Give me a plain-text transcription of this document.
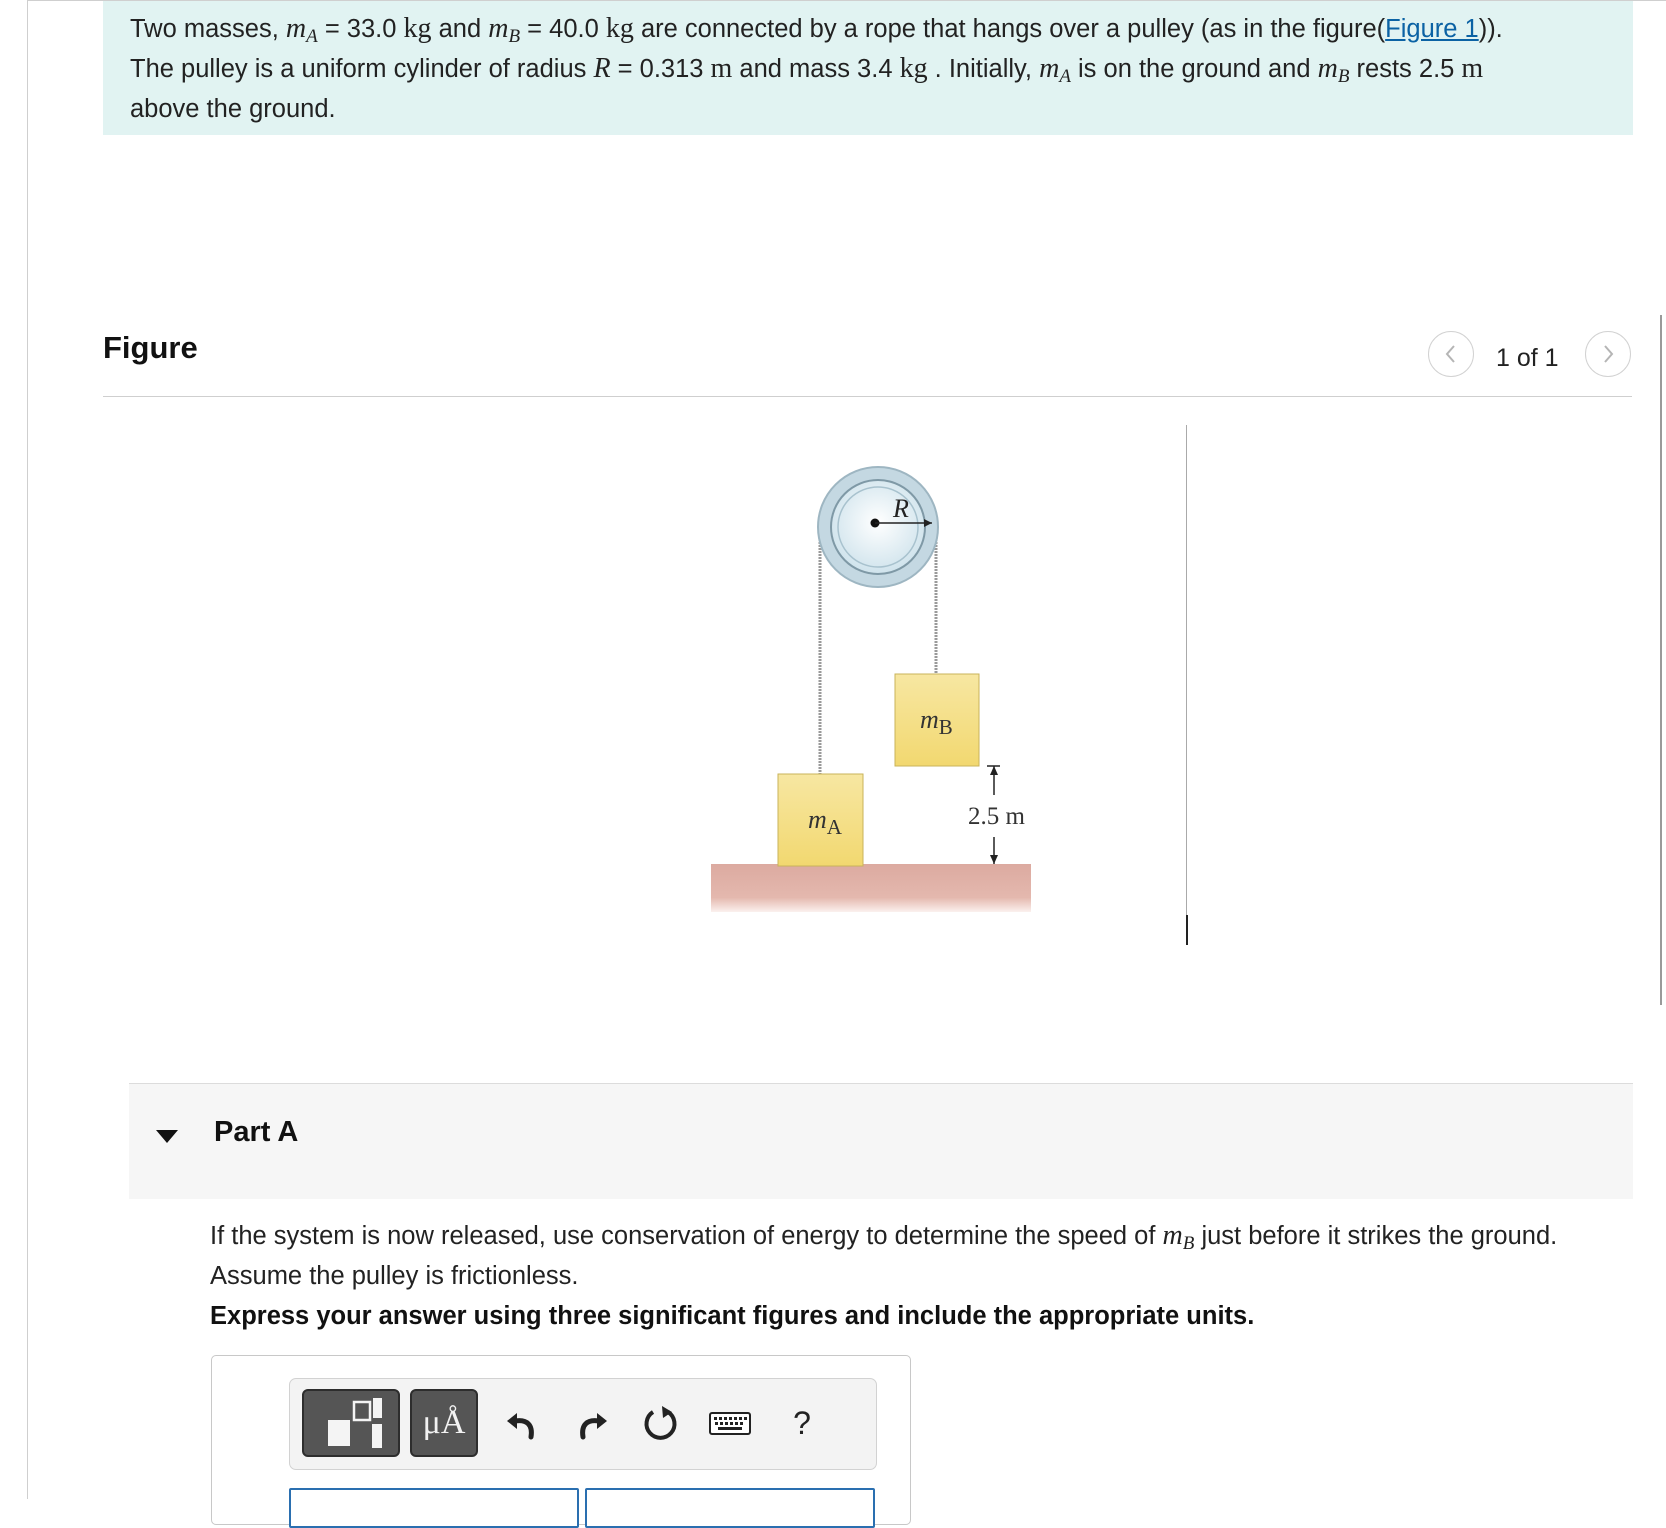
Two masses, $m_A = 33.0$ kg and $m_B = 40.0$ kg are connected by a rope that hangs over a pulley (as in the figure(Figure 1)).
The pulley is a uniform cylinder of radius R = 0.313 m and mass 3.4 kg . Initially, $m_A$ is on the ground and $m_B$ rests 2.5 m
above the ground.
Figure	1 of 1
R
$m_A$
$m_B$
2.5 m
Part A
If the system is now released, use conservation of energy to determine the speed of $m_B$ just before it strikes the ground. Assume the pulley is frictionless.
Express your answer using three significant figures and include the appropriate units.
μÅ	?
